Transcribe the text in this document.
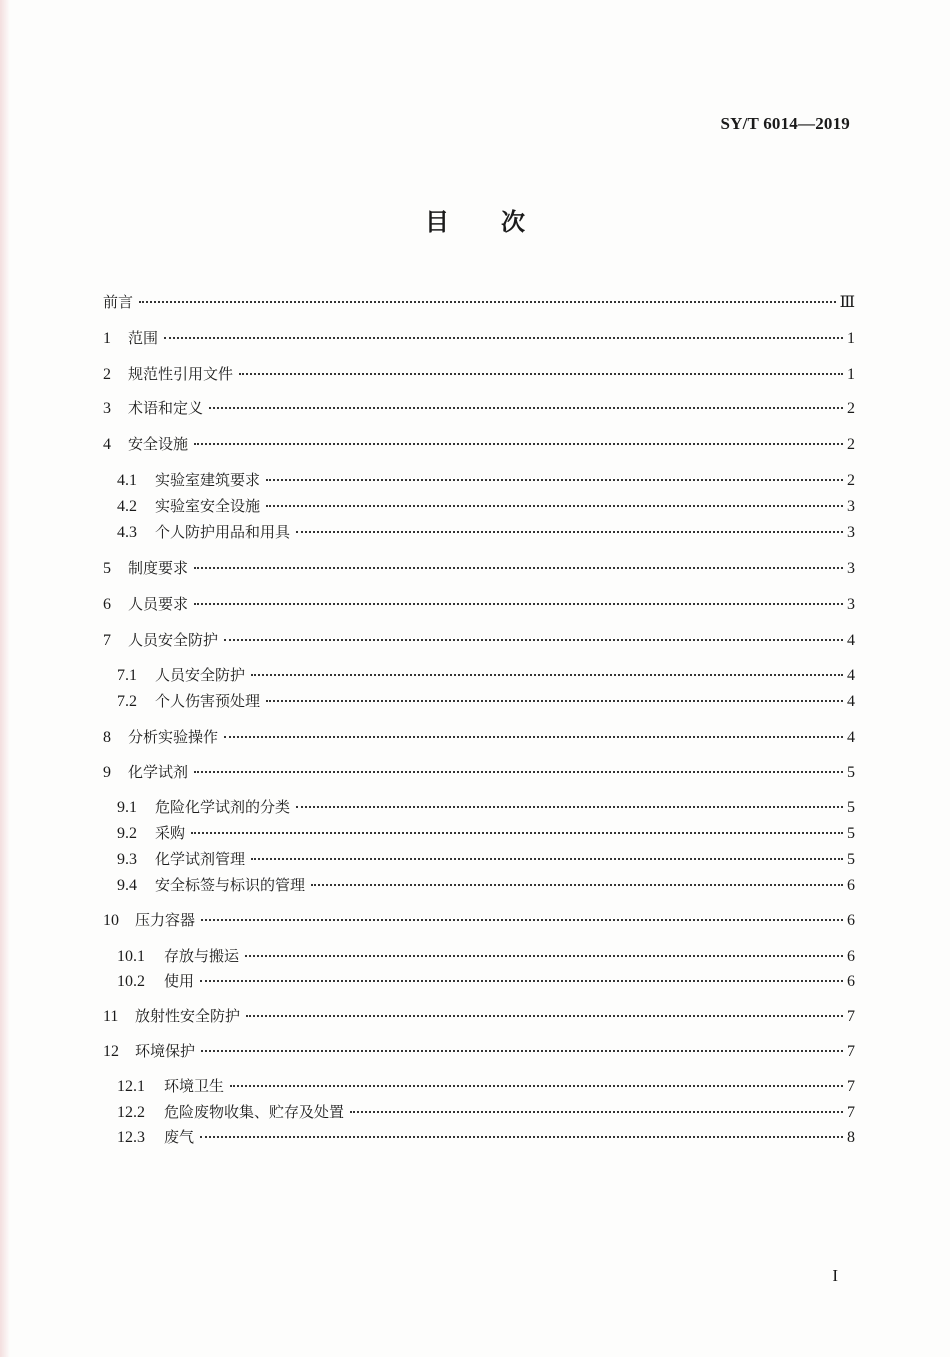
SY/T 6014—2019
目 次
前言	Ⅲ
1	范围	1
2	规范性引用文件	1
3	术语和定义	2
4	安全设施	2
4.1	实验室建筑要求	2
4.2	实验室安全设施	3
4.3	个人防护用品和用具	3
5	制度要求	3
6	人员要求	3
7	人员安全防护	4
7.1	人员安全防护	4
7.2	个人伤害预处理	4
8	分析实验操作	4
9	化学试剂	5
9.1	危险化学试剂的分类	5
9.2	采购	5
9.3	化学试剂管理	5
9.4	安全标签与标识的管理	6
10	压力容器	6
10.1	存放与搬运	6
10.2	使用	6
11	放射性安全防护	7
12	环境保护	7
12.1	环境卫生	7
12.2	危险废物收集、贮存及处置	7
12.3	废气	8
I
